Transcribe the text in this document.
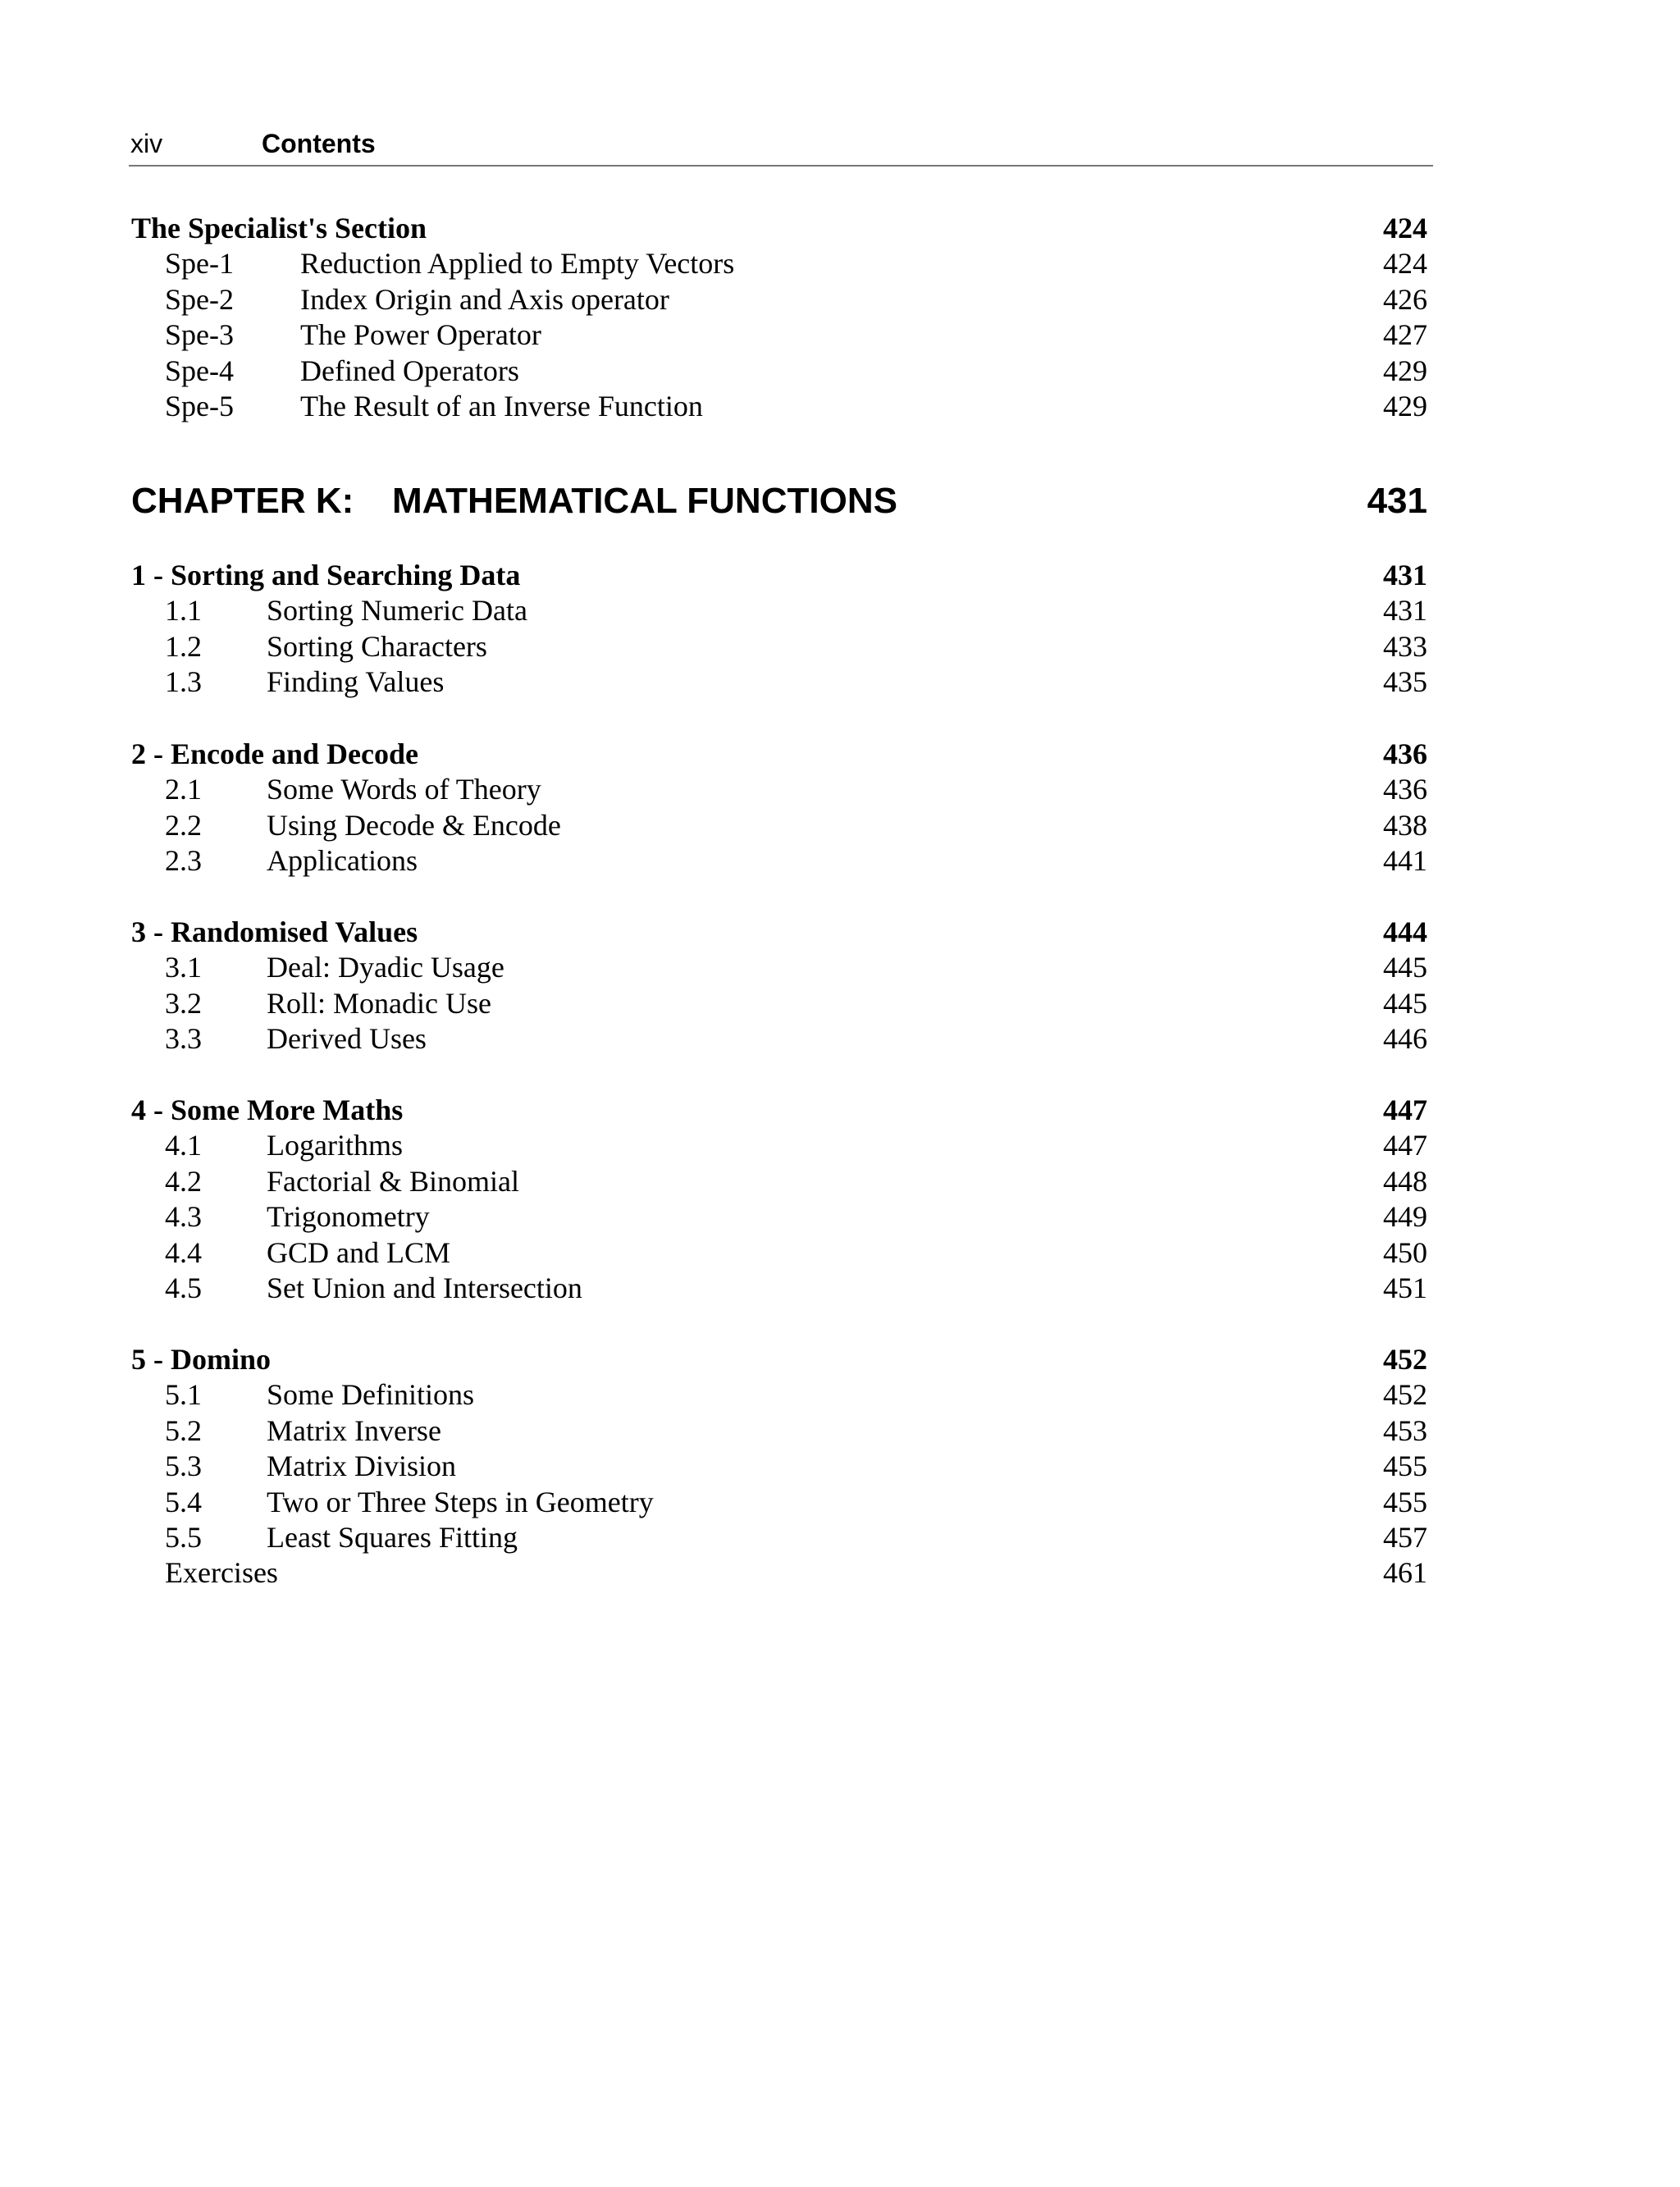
xiv	Contents
The Specialist's Section	424
Spe-1 Reduction Applied to Empty Vectors	424
Spe-2 Index Origin and Axis operator	426
Spe-3 The Power Operator	427
Spe-4 Defined Operators	429
Spe-5 The Result of an Inverse Function	429
CHAPTER K: MATHEMATICAL FUNCTIONS	431
1 - Sorting and Searching Data	431
1.1 Sorting Numeric Data	431
1.2 Sorting Characters	433
1.3 Finding Values	435
2 - Encode and Decode	436
2.1 Some Words of Theory	436
2.2 Using Decode & Encode	438
2.3 Applications	441
3 - Randomised Values	444
3.1 Deal: Dyadic Usage	445
3.2 Roll: Monadic Use	445
3.3 Derived Uses	446
4 - Some More Maths	447
4.1 Logarithms	447
4.2 Factorial & Binomial	448
4.3 Trigonometry	449
4.4 GCD and LCM	450
4.5 Set Union and Intersection	451
5 - Domino	452
5.1 Some Definitions	452
5.2 Matrix Inverse	453
5.3 Matrix Division	455
5.4 Two or Three Steps in Geometry	455
5.5 Least Squares Fitting	457
Exercises	461
